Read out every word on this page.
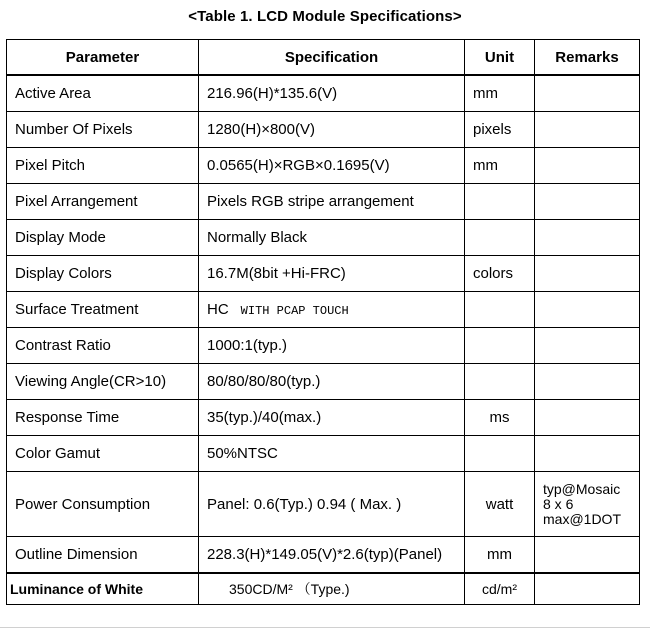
<Table 1. LCD Module Specifications>
Parameter	Specification	Unit	Remarks
Active Area	216.96(H)*135.6(V)	mm	
Number Of Pixels	1280(H)×800(V)	pixels	
Pixel Pitch	0.0565(H)×RGB×0.1695(V)	mm	
Pixel Arrangement	Pixels RGB stripe arrangement		
Display Mode	Normally Black		
Display Colors	16.7M(8bit +Hi-FRC)	colors	
Surface Treatment	HC WITH PCAP TOUCH		
Contrast Ratio	1000:1(typ.)		
Viewing Angle(CR>10)	80/80/80/80(typ.)		
Response Time	35(typ.)/40(max.)	ms	
Color Gamut	50%NTSC		
Power Consumption	Panel: 0.6(Typ.) 0.94 ( Max. )	watt	typ@Mosaic 8 x 6 max@1DOT

Outline Dimension	228.3(H)*149.05(V)*2.6(typ)(Panel)	mm	
Luminance of White	350CD/M² （Type.)	cd/m²	
